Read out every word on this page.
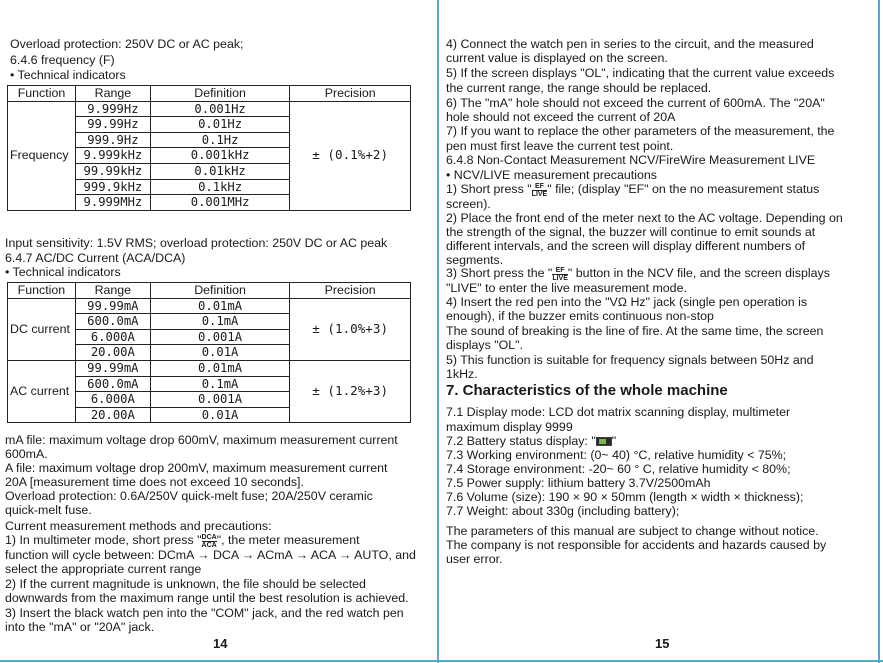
Overload protection: 250V DC or AC peak;
6.4.6 frequency (F)
• Technical indicators
Function	Range	Definition	Precision
Frequency	9.999Hz	0.001Hz	± (0.1%+2)
	99.99Hz	0.01Hz	
	999.9Hz	0.1Hz	
	9.999kHz	0.001kHz	
	99.99kHz	0.01kHz	
	999.9kHz	0.1kHz	
	9.999MHz	0.001MHz	
Input sensitivity: 1.5V RMS; overload protection: 250V DC or AC peak
6.4.7 AC/DC Current (ACA/DCA)
• Technical indicators
Function	Range	Definition	Precision
DC current	99.99mA	0.01mA	± (1.0%+3)
	600.0mA	0.1mA	
	6.000A	0.001A	
	20.00A	0.01A	
AC current	99.99mA	0.01mA	± (1.2%+3)
	600.0mA	0.1mA	
	6.000A	0.001A	
	20.00A	0.01A	
mA file: maximum voltage drop 600mV, maximum measurement current
600mA.
A file: maximum voltage drop 200mV, maximum measurement current
20A [measurement time does not exceed 10 seconds].
Overload protection: 0.6A/250V quick-melt fuse; 20A/250V ceramic
quick-melt fuse.
Current measurement methods and precautions:
1) In multimeter mode, short press " $\frac{\text{DCA}}{\text{ACA}}$ ", the meter measurement
function will cycle between: DCmA → DCA → ACmA → ACA → AUTO, and
select the appropriate current range
2) If the current magnitude is unknown, the file should be selected
downwards from the maximum range until the best resolution is achieved.
3) Insert the black watch pen into the "COM" jack, and the red watch pen
into the "mA" or "20A" jack.
14
4) Connect the watch pen in series to the circuit, and the measured
current value is displayed on the screen.
5) If the screen displays "OL", indicating that the current value exceeds
the current range, the range should be replaced.
6) The "mA" hole should not exceed the current of 600mA. The "20A"
hole should not exceed the current of 20A
7) If you want to replace the other parameters of the measurement, the
pen must first leave the current test point.
6.4.8 Non-Contact Measurement NCV/FireWire Measurement LIVE
• NCV/LIVE measurement precautions
1) Short press " $\frac{EF}{\text{LIVE}}$ " file; (display "EF" on the no measurement status
screen).
2) Place the front end of the meter next to the AC voltage. Depending on
the strength of the signal, the buzzer will continue to emit sounds at
different intervals, and the screen will display different numbers of
segments.
3) Short press the " $\frac{EF}{\text{LIVE}}$ " button in the NCV file, and the screen displays
"LIVE" to enter the live measurement mode.
4) Insert the red pen into the "VΩ Hz" jack (single pen operation is
enough), if the buzzer emits continuous non-stop
The sound of breaking is the line of fire. At the same time, the screen
displays "OL".
5) This function is suitable for frequency signals between 50Hz and
1kHz.
7. Characteristics of the whole machine
7.1 Display mode: LCD dot matrix scanning display, multimeter
maximum display 9999
7.2 Battery status display: " "
7.3 Working environment: (0~ 40) °C, relative humidity < 75%;
7.4 Storage environment: -20~ 60 ° C, relative humidity < 80%;
7.5 Power supply: lithium battery 3.7V/2500mAh
7.6 Volume (size): 190 × 90 × 50mm (length × width × thickness);
7.7 Weight: about 330g (including battery);
The parameters of this manual are subject to change without notice.
The company is not responsible for accidents and hazards caused by
user error.
15
